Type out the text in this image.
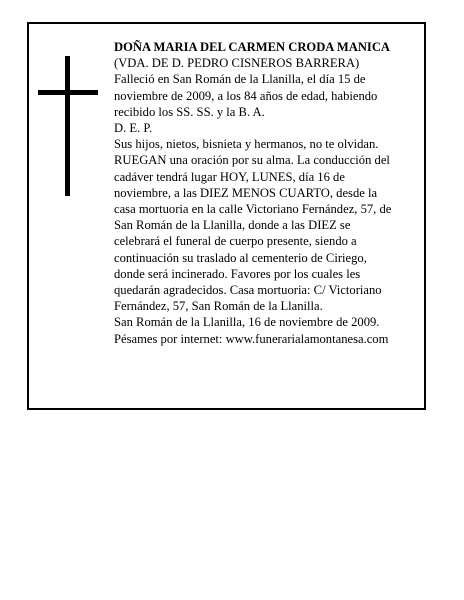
DOÑA MARIA DEL CARMEN CRODA MANICA
(VDA. DE D. PEDRO CISNEROS BARRERA)
Falleció en San Román de la Llanilla, el día 15 de
noviembre de 2009, a los 84 años de edad, habiendo
recibido los SS. SS. y la B. A.
D. E. P.
Sus hijos, nietos, bisnieta y hermanos, no te olvidan.
RUEGAN una oración por su alma. La conducción del
cadáver tendrá lugar HOY, LUNES, día 16 de
noviembre, a las DIEZ MENOS CUARTO, desde la
casa mortuoria en la calle Victoriano Fernández, 57, de
San Román de la Llanilla, donde a las DIEZ se
celebrará el funeral de cuerpo presente, siendo a
continuación su traslado al cementerio de Ciriego,
donde será incinerado. Favores por los cuales les
quedarán agradecidos. Casa mortuoria: C/ Victoriano
Fernández, 57, San Román de la Llanilla.
San Román de la Llanilla, 16 de noviembre de 2009.
Pésames por internet: www.funerarialamontanesa.com
